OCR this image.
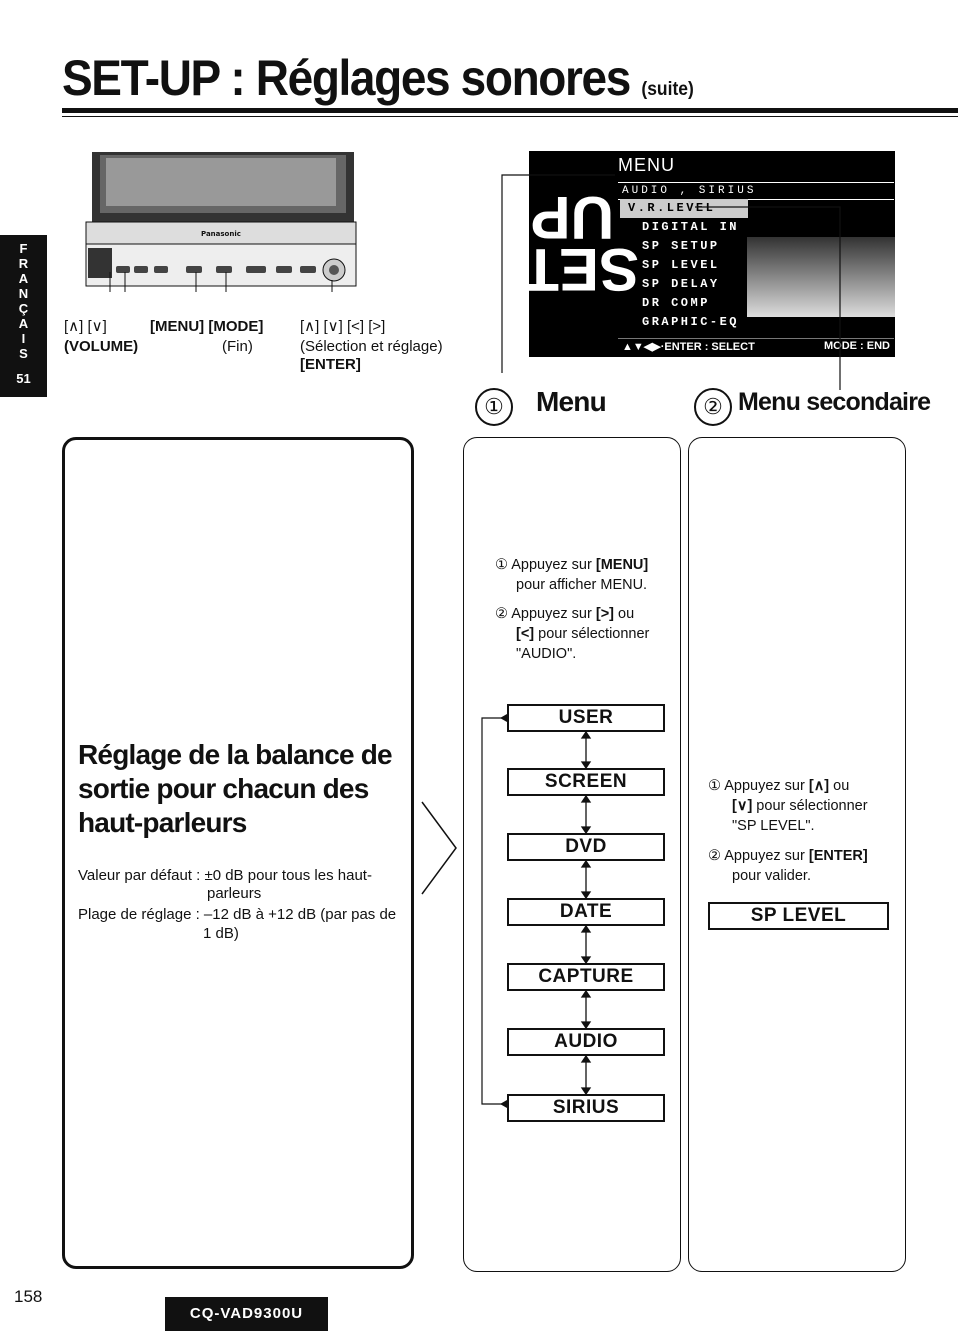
SET-UP : Réglages sonores (suite)
F
R
A
N
Ç
A
I
S
51
Panasonic
[∧] [∨]
(VOLUME)
[MENU] [MODE]
(Fin)
[∧] [∨] [<] [>]
(Sélection et réglage)
[ENTER]
SET-UP
MENU
AUDIO , SIRIUS
V.R.LEVEL
DIGITAL IN
SP SETUP
SP LEVEL
SP DELAY
DR COMP
GRAPHIC-EQ
▲▼◀▶·ENTER : SELECT	MODE : END
①	Menu	② Menu secondaire
Réglage de la balance de sortie pour chacun des haut-parleurs
Valeur par défaut : ±0 dB pour tous les haut-
parleurs
Plage de réglage : –12 dB à +12 dB (par pas de
1 dB)
① Appuyez sur [MENU]
pour afficher MENU.
② Appuyez sur [>] ou
[<] pour sélectionner
"AUDIO".
USER
SCREEN
DVD
DATE
CAPTURE
AUDIO
SIRIUS
① Appuyez sur [∧] ou
[∨] pour sélectionner
"SP LEVEL".
② Appuyez sur [ENTER]
pour valider.
SP LEVEL
158
CQ-VAD9300U
